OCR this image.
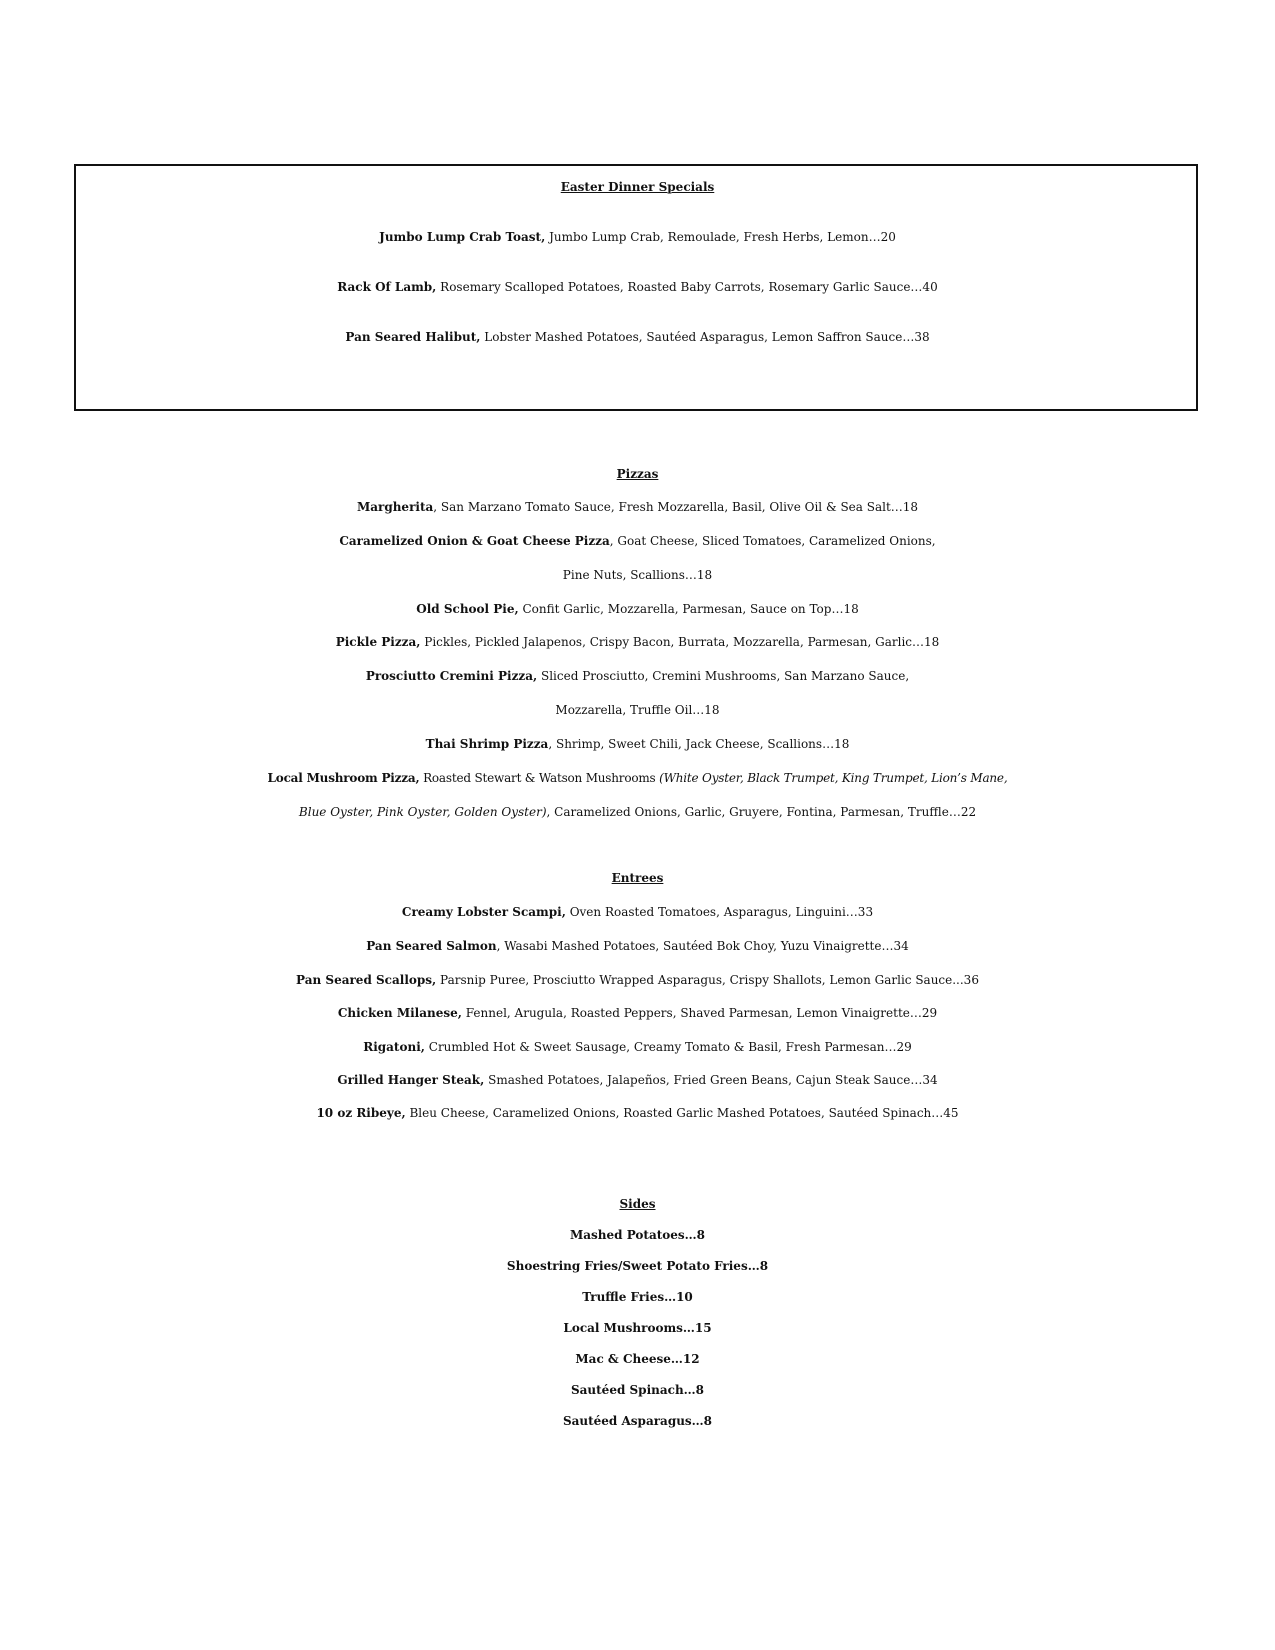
Easter Dinner Specials
Jumbo Lump Crab Toast, Jumbo Lump Crab, Remoulade, Fresh Herbs, Lemon…20
Rack Of Lamb, Rosemary Scalloped Potatoes, Roasted Baby Carrots, Rosemary Garlic Sauce…40
Pan Seared Halibut, Lobster Mashed Potatoes, Sautéed Asparagus, Lemon Saffron Sauce…38
Pizzas
Margherita, San Marzano Tomato Sauce, Fresh Mozzarella, Basil, Olive Oil & Sea Salt…18
Caramelized Onion & Goat Cheese Pizza, Goat Cheese, Sliced Tomatoes, Caramelized Onions,
Pine Nuts, Scallions…18
Old School Pie, Confit Garlic, Mozzarella, Parmesan, Sauce on Top…18
Pickle Pizza, Pickles, Pickled Jalapenos, Crispy Bacon, Burrata, Mozzarella, Parmesan, Garlic…18
Prosciutto Cremini Pizza, Sliced Prosciutto, Cremini Mushrooms, San Marzano Sauce,
Mozzarella, Truffle Oil…18
Thai Shrimp Pizza, Shrimp, Sweet Chili, Jack Cheese, Scallions…18
Local Mushroom Pizza, Roasted Stewart & Watson Mushrooms (White Oyster, Black Trumpet, King Trumpet, Lion’s Mane,
Blue Oyster, Pink Oyster, Golden Oyster), Caramelized Onions, Garlic, Gruyere, Fontina, Parmesan, Truffle…22
Entrees
Creamy Lobster Scampi, Oven Roasted Tomatoes, Asparagus, Linguini…33
Pan Seared Salmon, Wasabi Mashed Potatoes, Sautéed Bok Choy, Yuzu Vinaigrette…34
Pan Seared Scallops, Parsnip Puree, Prosciutto Wrapped Asparagus, Crispy Shallots, Lemon Garlic Sauce...36
Chicken Milanese, Fennel, Arugula, Roasted Peppers, Shaved Parmesan, Lemon Vinaigrette…29
Rigatoni, Crumbled Hot & Sweet Sausage, Creamy Tomato & Basil, Fresh Parmesan…29
Grilled Hanger Steak, Smashed Potatoes, Jalapeños, Fried Green Beans, Cajun Steak Sauce…34
10 oz Ribeye, Bleu Cheese, Caramelized Onions, Roasted Garlic Mashed Potatoes, Sautéed Spinach…45
Sides
Mashed Potatoes…8
Shoestring Fries/Sweet Potato Fries…8
Truffle Fries…10
Local Mushrooms…15
Mac & Cheese…12
Sautéed Spinach…8
Sautéed Asparagus…8
